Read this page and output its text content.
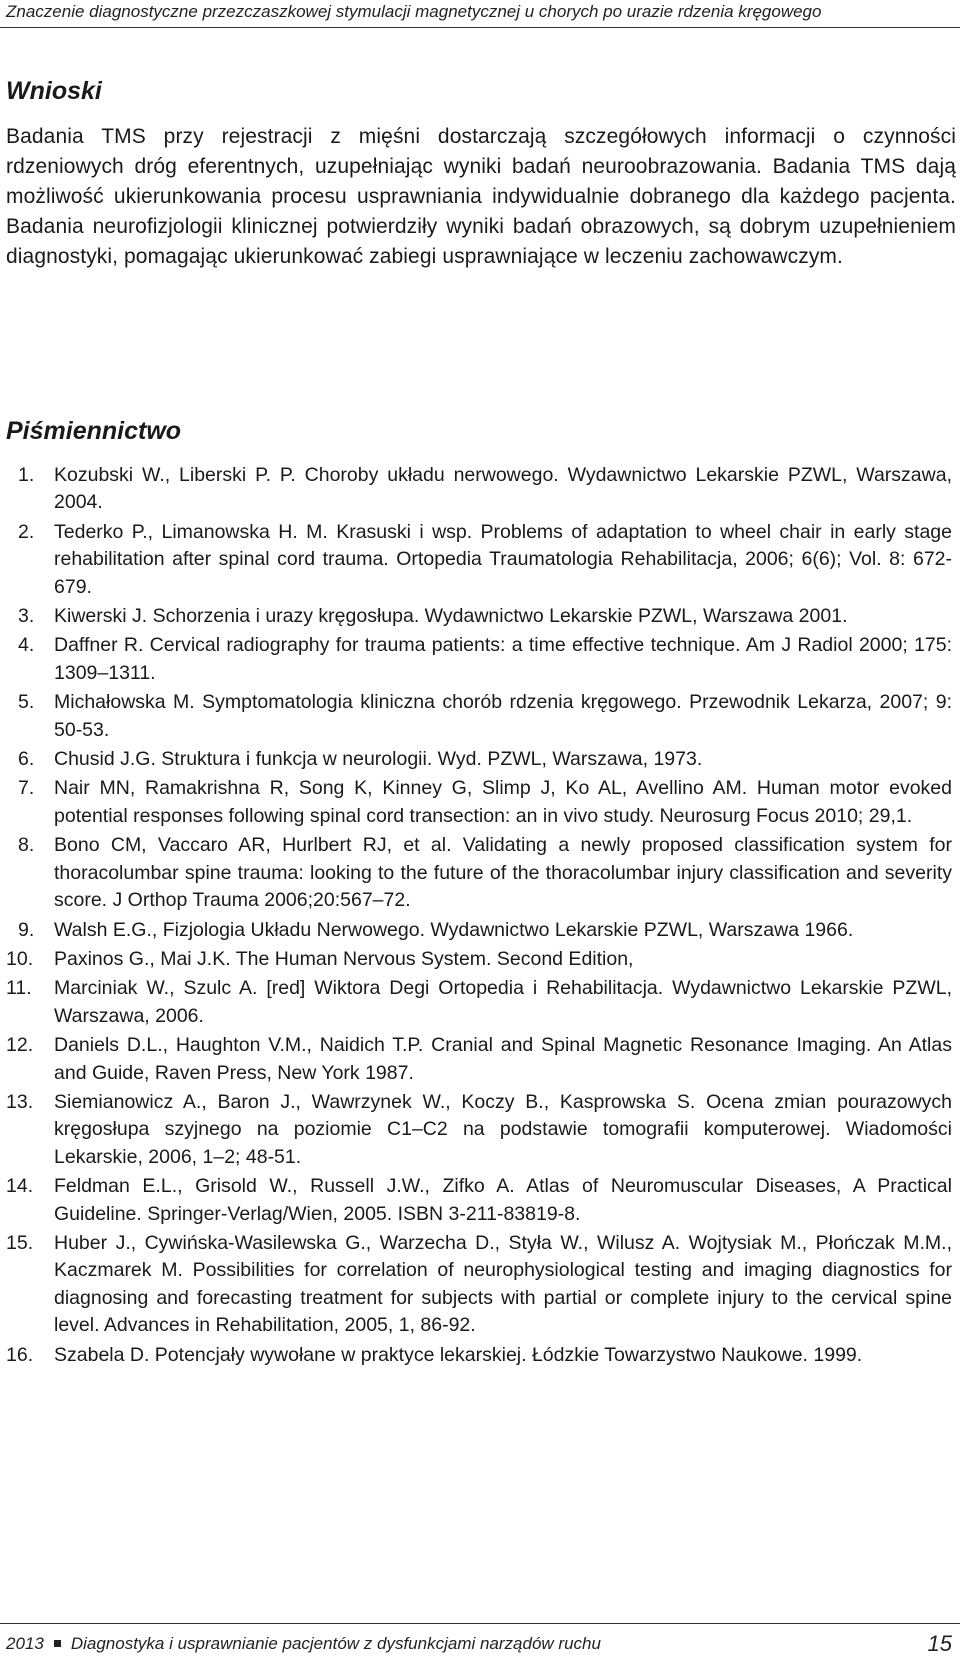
Znaczenie diagnostyczne przezczaszkowej stymulacji magnetycznej u chorych po urazie rdzenia kręgowego
Wnioski

Badania TMS przy rejestracji z mięśni dostarczają szczegółowych informacji o czynności rdzeniowych dróg eferentnych, uzupełniając wyniki badań neuroobrazowania. Badania TMS dają możliwość ukierunkowania procesu usprawniania indywidualnie dobranego dla każdego pacjenta. Badania neurofizjologii klinicznej potwierdziły wyniki badań obrazowych, są dobrym uzupełnieniem diagnostyki, pomagając ukierunkować zabiegi usprawniające w leczeniu zachowawczym.

Piśmiennictwo
1.	Kozubski W., Liberski P. P. Choroby układu nerwowego. Wydawnictwo Lekarskie PZWL, Warszawa, 2004.
2.	Tederko P., Limanowska H. M. Krasuski i wsp. Problems of adaptation to wheel chair in early stage rehabilitation after spinal cord trauma. Ortopedia Traumatologia Rehabilitacja, 2006; 6(6); Vol. 8: 672-679.
3.	Kiwerski J. Schorzenia i urazy kręgosłupa. Wydawnictwo Lekarskie PZWL, Warszawa 2001.
4.	Daffner R. Cervical radiography for trauma patients: a time effective technique. Am J Radiol 2000; 175: 1309–1311.
5.	Michałowska M. Symptomatologia kliniczna chorób rdzenia kręgowego. Przewodnik Lekarza, 2007; 9: 50-53.
6.	Chusid J.G. Struktura i funkcja w neurologii. Wyd. PZWL, Warszawa, 1973.
7.	Nair MN, Ramakrishna R, Song K, Kinney G, Slimp J, Ko AL, Avellino AM. Human motor evoked potential responses following spinal cord transection: an in vivo study. Neurosurg Focus 2010; 29,1.
8.	Bono CM, Vaccaro AR, Hurlbert RJ, et al. Validating a newly proposed classification system for thoracolumbar spine trauma: looking to the future of the thoracolumbar injury classification and severity score. J Orthop Trauma 2006;20:567–72.
9.	Walsh E.G., Fizjologia Układu Nerwowego. Wydawnictwo Lekarskie PZWL, Warszawa 1966.
10.	Paxinos G., Mai J.K. The Human Nervous System. Second Edition,
11.	Marciniak W., Szulc A. [red] Wiktora Degi Ortopedia i Rehabilitacja. Wydawnictwo Lekarskie PZWL, Warszawa, 2006.
12.	Daniels D.L., Haughton V.M., Naidich T.P. Cranial and Spinal Magnetic Resonance Imaging. An Atlas and Guide, Raven Press, New York 1987.
13.	Siemianowicz A., Baron J., Wawrzynek W., Koczy B., Kasprowska S. Ocena zmian pourazowych kręgosłupa szyjnego na poziomie C1–C2 na podstawie tomografii komputerowej. Wiadomości Lekarskie, 2006, 1–2; 48-51.
14.	Feldman E.L., Grisold W., Russell J.W., Zifko A. Atlas of Neuromuscular Diseases, A Practical Guideline. Springer-Verlag/Wien, 2005. ISBN 3-211-83819-8.
15.	Huber J., Cywińska-Wasilewska G., Warzecha D., Styła W., Wilusz A. Wojtysiak M., Płończak M.M., Kaczmarek M. Possibilities for correlation of neurophysiological testing and imaging diagnostics for diagnosing and forecasting treatment for subjects with partial or complete injury to the cervical spine level. Advances in Rehabilitation, 2005, 1, 86-92.
16.	Szabela D. Potencjały wywołane w praktyce lekarskiej. Łódzkie Towarzystwo Naukowe. 1999.
2013 Diagnostyka i usprawnianie pacjentów z dysfunkcjami narządów ruchu	15
